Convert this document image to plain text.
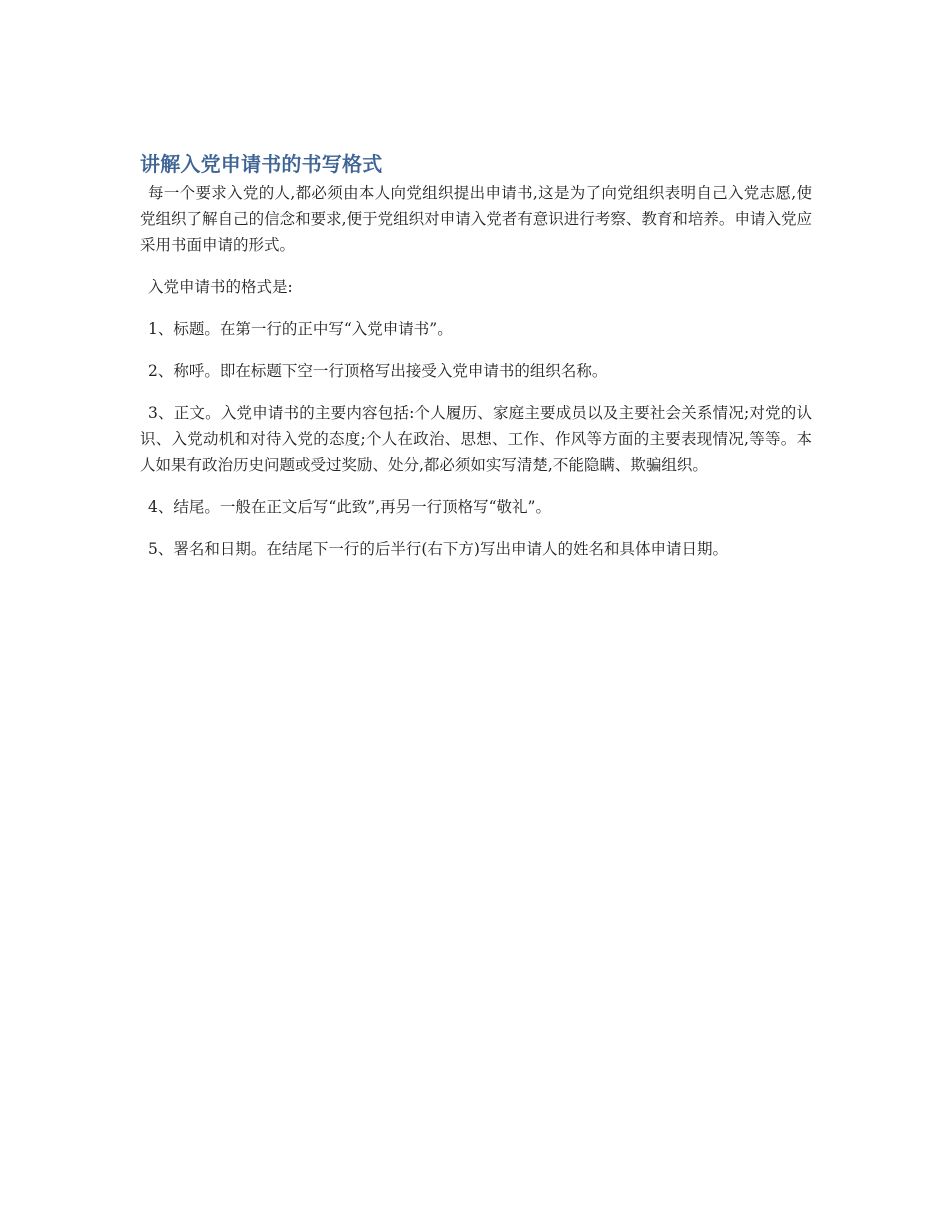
讲解入党申请书的书写格式

每一个要求入党的人,都必须由本人向党组织提出申请书,这是为了向党组织表明自己入党志愿,使党组织了解自己的信念和要求,便于党组织对申请入党者有意识进行考察、教育和培养。申请入党应采用书面申请的形式。

入党申请书的格式是:

1、标题。在第一行的正中写“入党申请书”。

2、称呼。即在标题下空一行顶格写出接受入党申请书的组织名称。

3、正文。入党申请书的主要内容包括:个人履历、家庭主要成员以及主要社会关系情况;对党的认识、入党动机和对待入党的态度;个人在政治、思想、工作、作风等方面的主要表现情况,等等。本人如果有政治历史问题或受过奖励、处分,都必须如实写清楚,不能隐瞒、欺骗组织。

4、结尾。一般在正文后写“此致”,再另一行顶格写“敬礼”。

5、署名和日期。在结尾下一行的后半行(右下方)写出申请人的姓名和具体申请日期。
